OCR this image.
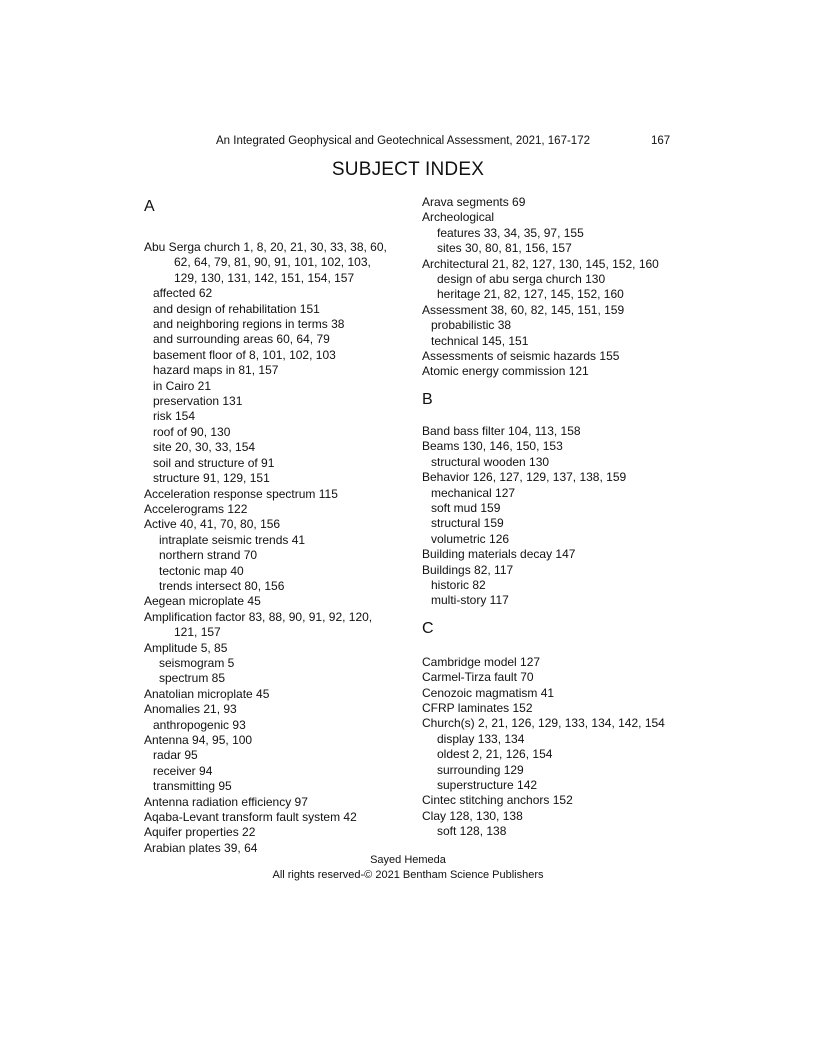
An Integrated Geophysical and Geotechnical Assessment, 2021, 167-172	167
SUBJECT INDEX

A

Abu Serga church 1, 8, 20, 21, 30, 33, 38, 60,

62, 64, 79, 81, 90, 91, 101, 102, 103,

129, 130, 131, 142, 151, 154, 157

affected 62

and design of rehabilitation 151

and neighboring regions in terms 38

and surrounding areas 60, 64, 79

basement floor of 8, 101, 102, 103

hazard maps in 81, 157

in Cairo 21

preservation 131

risk 154

roof of 90, 130

site 20, 30, 33, 154

soil and structure of 91

structure 91, 129, 151

Acceleration response spectrum 115

Accelerograms 122

Active 40, 41, 70, 80, 156

intraplate seismic trends 41

northern strand 70

tectonic map 40

trends intersect 80, 156

Aegean microplate 45

Amplification factor 83, 88, 90, 91, 92, 120,

121, 157

Amplitude 5, 85

seismogram 5

spectrum 85

Anatolian microplate 45

Anomalies 21, 93

anthropogenic 93

Antenna 94, 95, 100

radar 95

receiver 94

transmitting 95

Antenna radiation efficiency 97

Aqaba-Levant transform fault system 42

Aquifer properties 22

Arabian plates 39, 64

Arava segments 69

Archeological

features 33, 34, 35, 97, 155

sites 30, 80, 81, 156, 157

Architectural 21, 82, 127, 130, 145, 152, 160

design of abu serga church 130

heritage 21, 82, 127, 145, 152, 160

Assessment 38, 60, 82, 145, 151, 159

probabilistic 38

technical 145, 151

Assessments of seismic hazards 155

Atomic energy commission 121

B

Band bass filter 104, 113, 158

Beams 130, 146, 150, 153

structural wooden 130

Behavior 126, 127, 129, 137, 138, 159

mechanical 127

soft mud 159

structural 159

volumetric 126

Building materials decay 147

Buildings 82, 117

historic 82

multi-story 117

C

Cambridge model 127

Carmel-Tirza fault 70

Cenozoic magmatism 41

CFRP laminates 152

Church(s) 2, 21, 126, 129, 133, 134, 142, 154

display 133, 134

oldest 2, 21, 126, 154

surrounding 129

superstructure 142

Cintec stitching anchors 152

Clay 128, 130, 138

soft 128, 138

Sayed Hemeda
All rights reserved-© 2021 Bentham Science Publishers
